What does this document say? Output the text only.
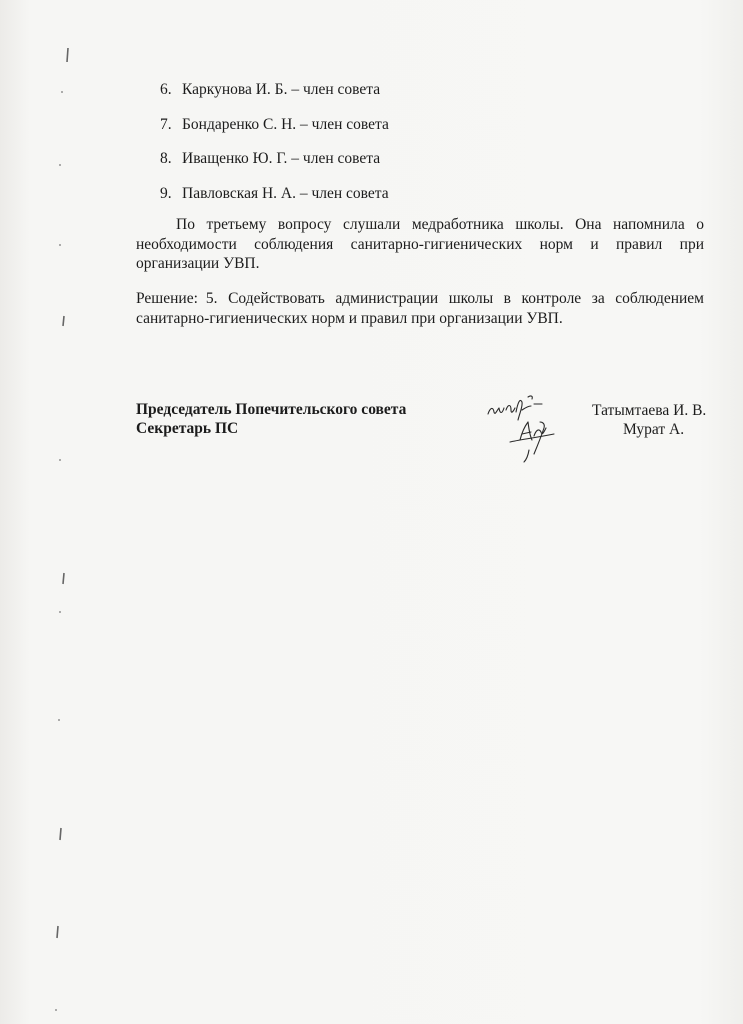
6. Каркунова И. Б. – член совета
7. Бондаренко С. Н. – член совета
8. Иващенко Ю. Г. – член совета
9. Павловская Н. А. – член совета

По третьему вопросу слушали медработника школы. Она напомнила о необходимости соблюдения санитарно-гигиенических норм и правил при организации УВП.

Решение: 5. Содействовать администрации школы в контроле за соблюдением санитарно-гигиенических норм и правил при организации УВП.

Председатель Попечительского совета
Секретарь ПС
Татымтаева И. В.
Мурат А.
